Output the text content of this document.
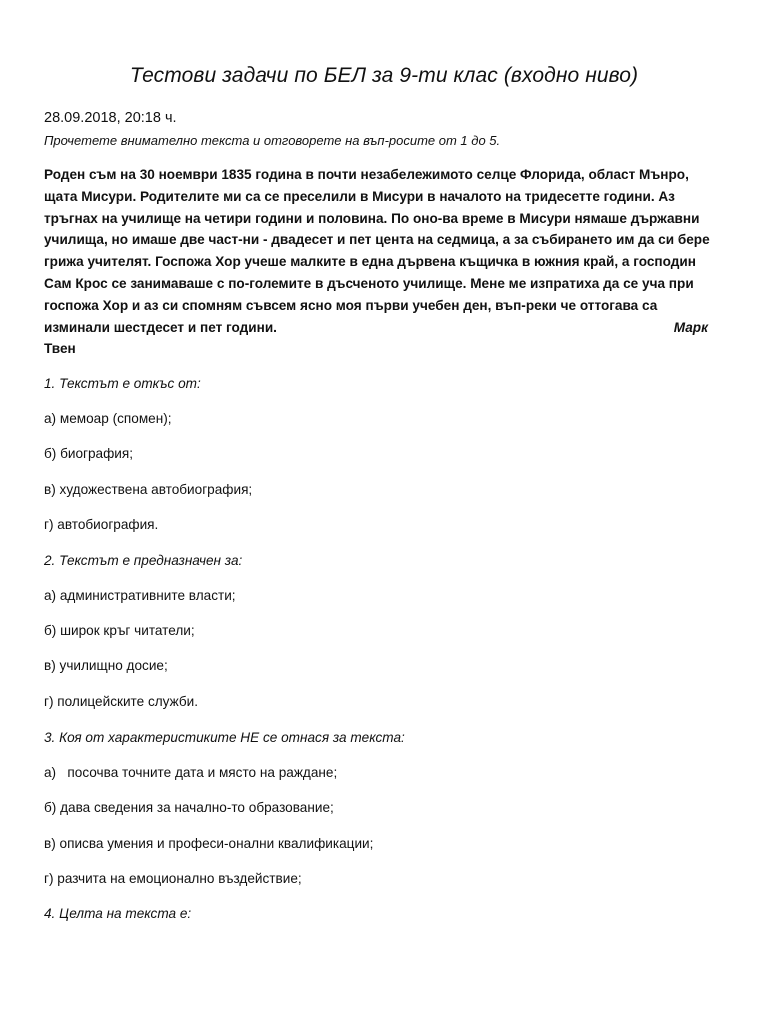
Тестови задачи по БЕЛ за 9-ти клас (входно ниво)

28.09.2018, 20:18 ч.

Прочетете внимателно текста и отговорете на въп-росите от 1 до 5.

Роден съм на 30 ноември 1835 година в почти незабележимото селце Флорида, област Мънро,
щата Мисури. Родителите ми са се преселили в Мисури в началото на тридесетте години. Аз
тръгнах на училище на четири години и половина. По оно-ва време в Мисури нямаше държавни
училища, но имаше две част-ни - двадесет и пет цента на седмица, а за събирането им да си бере
грижа учителят. Госпожа Хор учеше малките в една дървена къщичка в южния край, а господин
Сам Крос се занимаваше с по-големите в дъсченото училище. Мене ме изпратиха да се уча при
госпожа Хор и аз си спомням съвсем ясно моя първи учебен ден, въп-реки че оттогава са
изминали шестдесет и пет години.	Марк
Твен

1. Текстът е откъс от:

а) мемоар (спомен);

б) биография;

в) художествена автобиография;

г) автобиография.

2. Текстът е предназначен за:

а) административните власти;

б) широк кръг читатели;

в) училищно досие;

г) полицейските служби.

3. Коя от характеристиките НЕ се отнася за текста:

а)   посочва точните дата и място на раждане;

б) дава сведения за начално-то образование;

в) описва умения и професи-онални квалификации;

г) разчита на емоционално въздействие;

4. Целта на текста е:
